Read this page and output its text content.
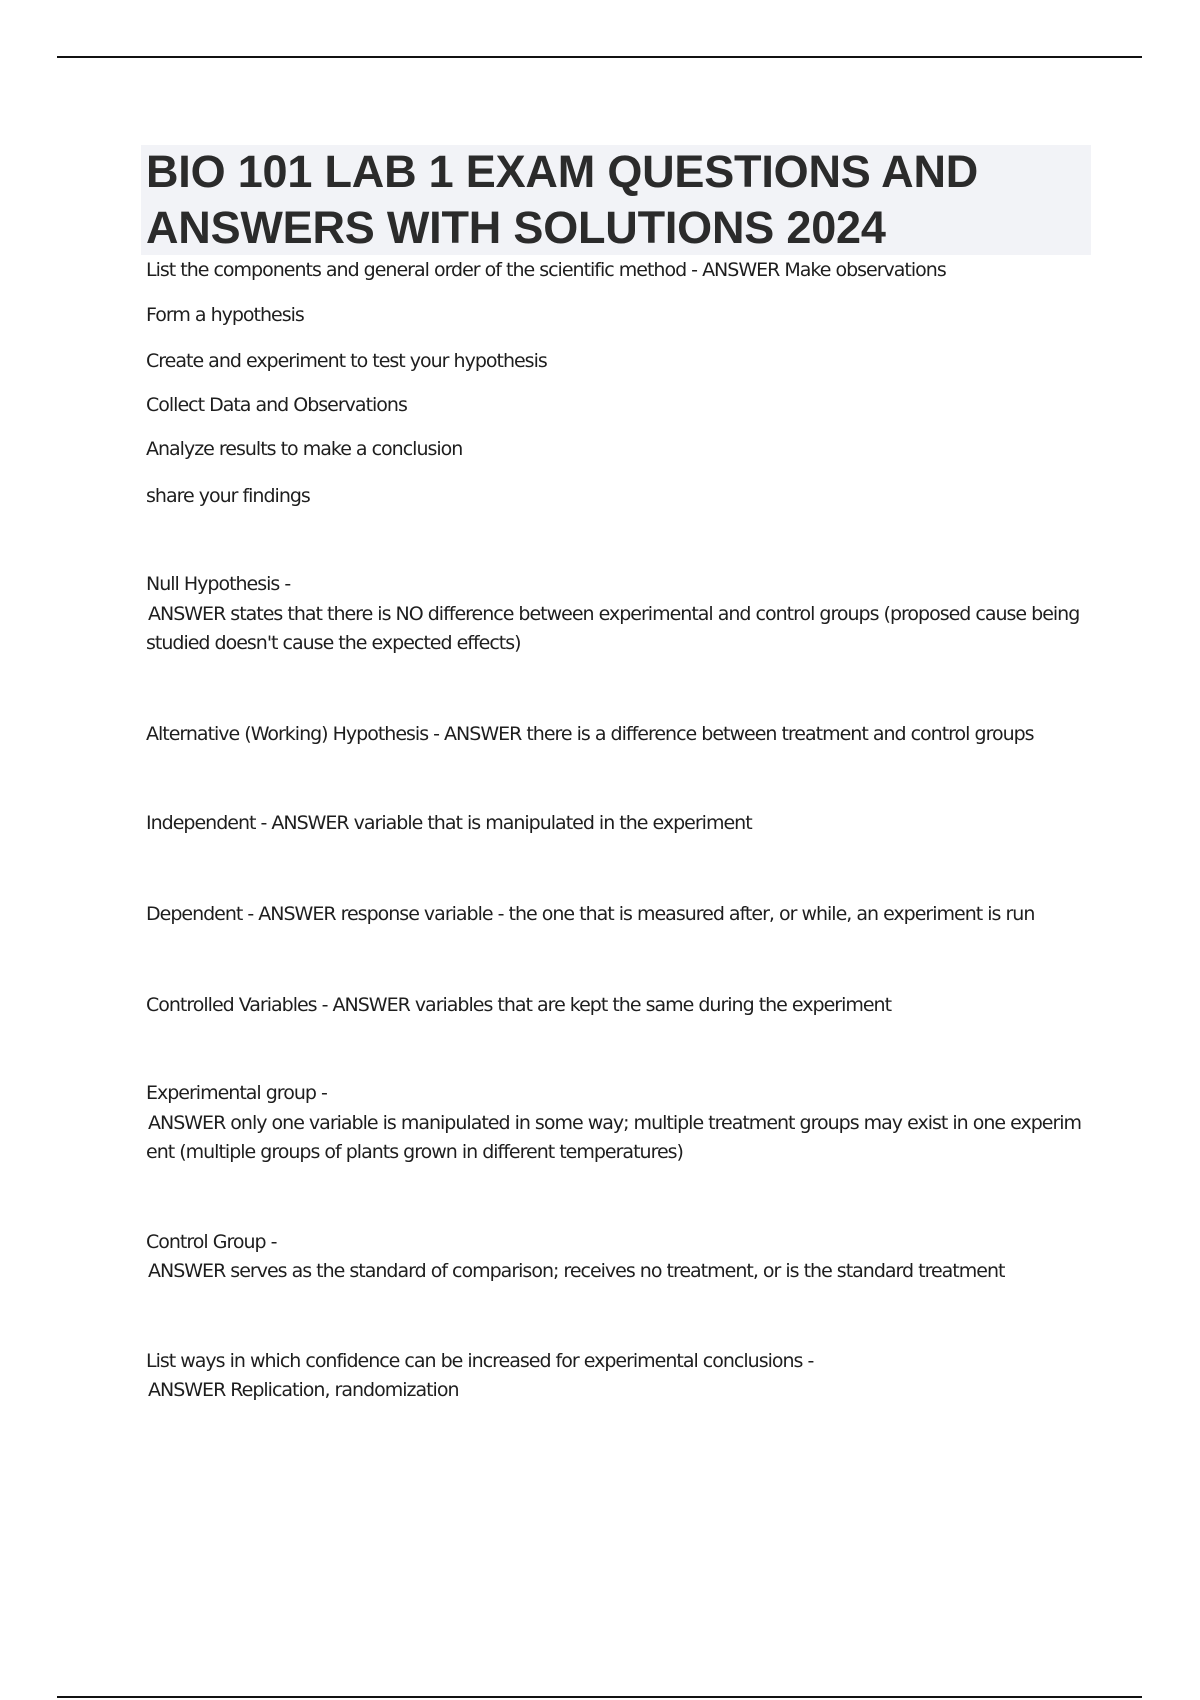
BIO 101 LAB 1 EXAM QUESTIONS AND
ANSWERS WITH SOLUTIONS 2024
List the components and general order of the scientific method - ANSWER Make observations
Form a hypothesis
Create and experiment to test your hypothesis
Collect Data and Observations
Analyze results to make a conclusion
share your findings
Null Hypothesis -
ANSWER states that there is NO difference between experimental and control groups (proposed cause being
studied doesn't cause the expected effects)
Alternative (Working) Hypothesis - ANSWER there is a difference between treatment and control groups
Independent - ANSWER variable that is manipulated in the experiment
Dependent - ANSWER response variable - the one that is measured after, or while, an experiment is run
Controlled Variables - ANSWER variables that are kept the same during the experiment
Experimental group -
ANSWER only one variable is manipulated in some way; multiple treatment groups may exist in one experim
ent (multiple groups of plants grown in different temperatures)
Control Group -
ANSWER serves as the standard of comparison; receives no treatment, or is the standard treatment
List ways in which confidence can be increased for experimental conclusions -
ANSWER Replication, randomization
